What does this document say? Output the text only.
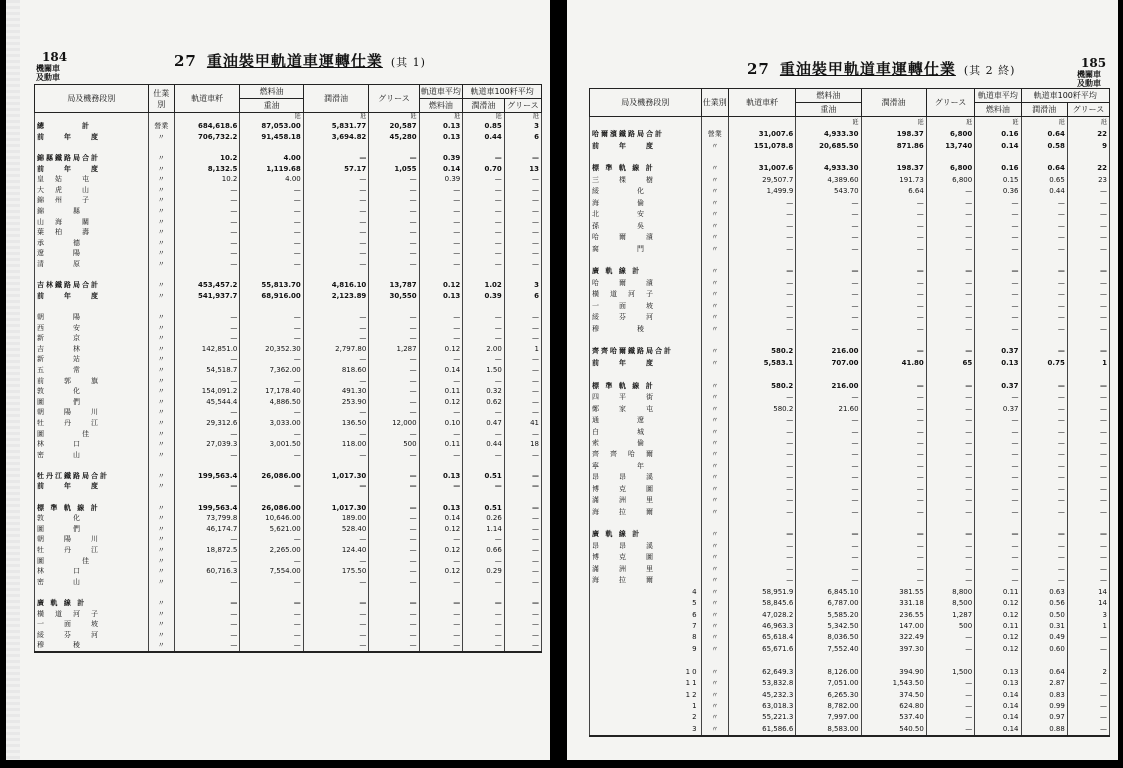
184
機關車
及動車
27 重油裝甲軌道車運轉仕業 (其 1)
局及機務段別	仕業別	軌道車粁	燃料油	潤滑油	グリース	軌道車平均	軌道車100粁平均	
			重油			燃料油	潤滑油	グリース
			瓩	瓩	瓩	瓩	瓩	瓩
總　　　　計	營業	684,618.6	87,053.00	5,831.77	20,587	0.13	0.85	3
前　　年　　度	〃	706,732.2	91,458.18	3,694.82	45,280	0.13	0.44	6

錦縣鐵路局合計	〃	10.2	4.00	—	—	0.39	—	—
前　　年　　度	〃	8,132.5	1,119.68	57.17	1,055	0.14	0.70	13
皇　姑　　屯	〃	10.2	4.00	—	—	0.39	—	—
大　虎　　山	〃	—	—	—	—	—	—	—
錦　州　　子	〃	—	—	—	—	—	—	—
錦　　　縣	〃	—	—	—	—	—	—	—
山　海　　關	〃	—	—	—	—	—	—	—
葉　柏　　壽	〃	—	—	—	—	—	—	—
承　　　德	〃	—	—	—	—	—	—	—
遼　　　陽	〃	—	—	—	—	—	—	—
清　　　原	〃	—	—	—	—	—	—	—

吉林鐵路局合計	〃	453,457.2	55,813.70	4,816.10	13,787	0.12	1.02	3
前　　年　　度	〃	541,937.7	68,916.00	2,123.89	30,550	0.13	0.39	6

朝　　　陽	〃	—	—	—	—	—	—	—
西　　　安	〃	—	—	—	—	—	—	—
新　　　京	〃	—	—	—	—	—	—	—
吉　　　林	〃	142,851.0	20,352.30	2,797.80	1,287	0.12	2.00	1
新　　　站	〃	—	—	—	—	—	—	—
五　　　常	〃	54,518.7	7,362.00	818.60	—	0.14	1.50	—
前　　郭　　旗	〃	—	—	—	—	—	—	—
敦　　　化	〃	154,091.2	17,178.40	491.30	—	0.11	0.32	—
圖　　　們	〃	45,544.4	4,886.50	253.90	—	0.12	0.62	—
朝　　陽　　川	〃	—	—	—	—	—	—	—
牡　　丹　　江	〃	29,312.6	3,033.00	136.50	12,000	0.10	0.47	41
圖　　　　佳	〃	—	—	—	—	—	—	—
林　　　口	〃	27,039.3	3,001.50	118.00	500	0.11	0.44	18
密　　　山	〃	—	—	—	—	—	—	—

牡丹江鐵路局合計	〃	199,563.4	26,086.00	1,017.30	—	0.13	0.51	—
前　　年　　度	〃	—	—	—	—	—	—	—

標 準 軌 線 計	〃	199,563.4	26,086.00	1,017.30	—	0.13	0.51	—
敦　　　化	〃	73,799.8	10,646.00	189.00	—	0.14	0.26	—
圖　　　們	〃	46,174.7	5,621.00	528.40	—	0.12	1.14	—
朝　　陽　　川	〃	—	—	—	—	—	—	—
牡　　丹　　江	〃	18,872.5	2,265.00	124.40	—	0.12	0.66	—
圖　　　　佳	〃	—	—	—	—	—	—	—
林　　　口	〃	60,716.3	7,554.00	175.50	—	0.12	0.29	—
密　　　山	〃	—	—	—	—	—	—	—

廣 軌 線 計	〃	—	—	—	—	—	—	—
橫　道　河　子	〃	—	—	—	—	—	—	—
一　　面　　坡	〃	—	—	—	—	—	—	—
綏　　芬　　河	〃	—	—	—	—	—	—	—
穆　　　稜	〃	—	—	—	—	—	—	—
27 重油裝甲軌道車運轉仕業 (其 2 終)
185
機關車
及動車
局及機務段別	仕業別	軌道車粁	燃料油	潤滑油	グリース	軌道車平均	軌道車100粁平均	
			重油			燃料油	潤滑油	グリース
			瓩	瓩	瓩	瓩	瓩	瓩
哈爾濱鐵路局合計	營業	31,007.6	4,933.30	198.37	6,800	0.16	0.64	22
前　　年　　度	〃	151,078.8	20,685.50	871.86	13,740	0.14	0.58	9

標 準 軌 線 計	〃	31,007.6	4,933.30	198.37	6,800	0.16	0.64	22
三　　棵　　樹	〃	29,507.7	4,389.60	191.73	6,800	0.15	0.65	23
綏　　　　化	〃	1,499.9	543.70	6.64	—	0.36	0.44	—
海　　　　倫	〃	—	—	—	—	—	—	—
北　　　　安	〃	—	—	—	—	—	—	—
孫　　　　吳	〃	—	—	—	—	—	—	—
哈　　爾　　濱	〃	—	—	—	—	—	—	—
窩　　　　門	〃	—	—	—	—	—	—	—

廣 軌 線 計	〃	—	—	—	—	—	—	—
哈　　爾　　濱	〃	—	—	—	—	—	—	—
橫　道　河　子	〃	—	—	—	—	—	—	—
一　　面　　坡	〃	—	—	—	—	—	—	—
綏　　芬　　河	〃	—	—	—	—	—	—	—
穆　　　　稜	〃	—	—	—	—	—	—	—

齊齊哈爾鐵路局合計	〃	580.2	216.00	—	—	0.37	—	—
前　　年　　度	〃	5,583.1	707.00	41.80	65	0.13	0.75	1

標 準 軌 線 計	〃	580.2	216.00	—	—	0.37	—	—
四　　平　　街	〃	—	—	—	—	—	—	—
鄭　　家　　屯	〃	580.2	21.60	—	—	0.37	—	—
通　　　　遼	〃	—	—	—	—	—	—	—
白　　　　城	〃	—	—	—	—	—	—	—
索　　　　倫	〃	—	—	—	—	—	—	—
齊　齊　哈　爾	〃	—	—	—	—	—	—	—
寧　　　　年	〃	—	—	—	—	—	—	—
昂　　昂　　溪	〃	—	—	—	—	—	—	—
博　　克　　圖	〃	—	—	—	—	—	—	—
滿　　洲　　里	〃	—	—	—	—	—	—	—
海　　拉　　爾	〃	—	—	—	—	—	—	—

廣 軌 線 計	〃	—	—	—	—	—	—	—
昂　　昂　　溪	〃	—	—	—	—	—	—	—
博　　克　　圖	〃	—	—	—	—	—	—	—
滿　　洲　　里	〃	—	—	—	—	—	—	—
海　　拉　　爾	〃	—	—	—	—	—	—	—
4	〃	58,951.9	6,845.10	381.55	8,800	0.11	0.63	14
5	〃	58,845.6	6,787.00	331.18	8,500	0.12	0.56	14
6	〃	47,028.2	5,585.20	236.55	1,287	0.12	0.50	3
7	〃	46,963.3	5,342.50	147.00	500	0.11	0.31	1
8	〃	65,618.4	8,036.50	322.49	—	0.12	0.49	—
9	〃	65,671.6	7,552.40	397.30	—	0.12	0.60	—

10	〃	62,649.3	8,126.00	394.90	1,500	0.13	0.64	2
11	〃	53,832.8	7,051.00	1,543.50	—	0.13	2.87	—
12	〃	45,232.3	6,265.30	374.50	—	0.14	0.83	—
1	〃	63,018.3	8,782.00	624.80	—	0.14	0.99	—
2	〃	55,221.3	7,997.00	537.40	—	0.14	0.97	—
3	〃	61,586.6	8,583.00	540.50	—	0.14	0.88	—
